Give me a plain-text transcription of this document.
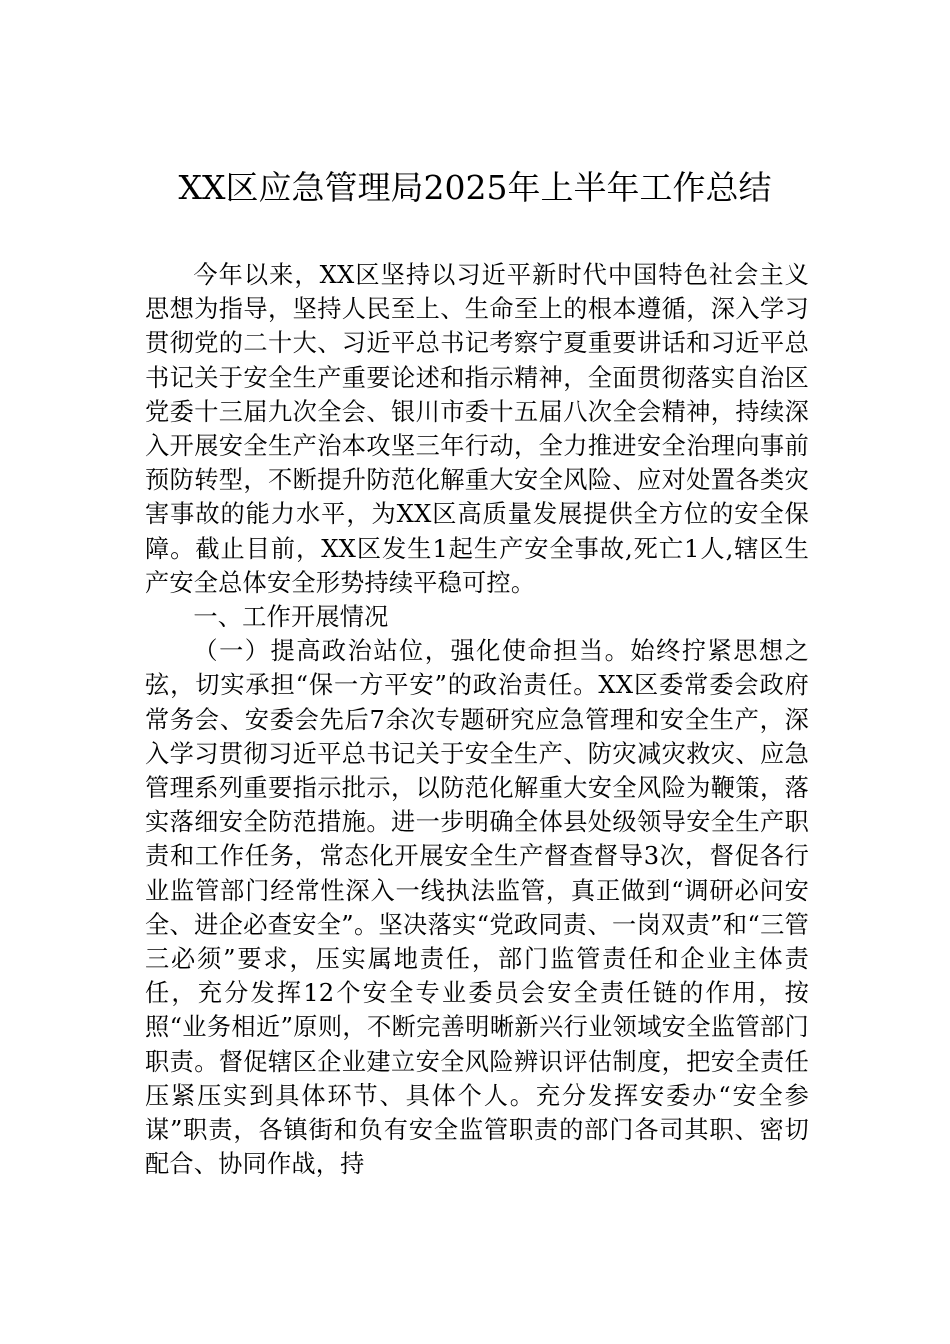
XX区应急管理局2025年上半年工作总结

今年以来，XX区坚持以习近平新时代中国特色社会主义思想为指导，坚持人民至上、生命至上的根本遵循，深入学习贯彻党的二十大、习近平总书记考察宁夏重要讲话和习近平总书记关于安全生产重要论述和指示精神，全面贯彻落实自治区党委十三届九次全会、银川市委十五届八次全会精神，持续深入开展安全生产治本攻坚三年行动，全力推进安全治理向事前预防转型，不断提升防范化解重大安全风险、应对处置各类灾害事故的能力水平，为XX区高质量发展提供全方位的安全保障。截止目前，XX区发生1起生产安全事故,死亡1人,辖区生产安全总体安全形势持续平稳可控。

一、工作开展情况

（一）提高政治站位，强化使命担当。始终拧紧思想之弦，切实承担“保一方平安”的政治责任。XX区委常委会政府常务会、安委会先后7余次专题研究应急管理和安全生产，深入学习贯彻习近平总书记关于安全生产、防灾减灾救灾、应急管理系列重要指示批示，以防范化解重大安全风险为鞭策，落实落细安全防范措施。进一步明确全体县处级领导安全生产职责和工作任务，常态化开展安全生产督查督导3次，督促各行业监管部门经常性深入一线执法监管，真正做到“调研必问安全、进企必查安全”。坚决落实“党政同责、一岗双责”和“三管三必须”要求，压实属地责任，部门监管责任和企业主体责任，充分发挥12个安全专业委员会安全责任链的作用，按照“业务相近”原则，不断完善明晰新兴行业领域安全监管部门职责。督促辖区企业建立安全风险辨识评估制度，把安全责任压紧压实到具体环节、具体个人。充分发挥安委办“安全参谋”职责，各镇街和负有安全监管职责的部门各司其职、密切配合、协同作战，持
